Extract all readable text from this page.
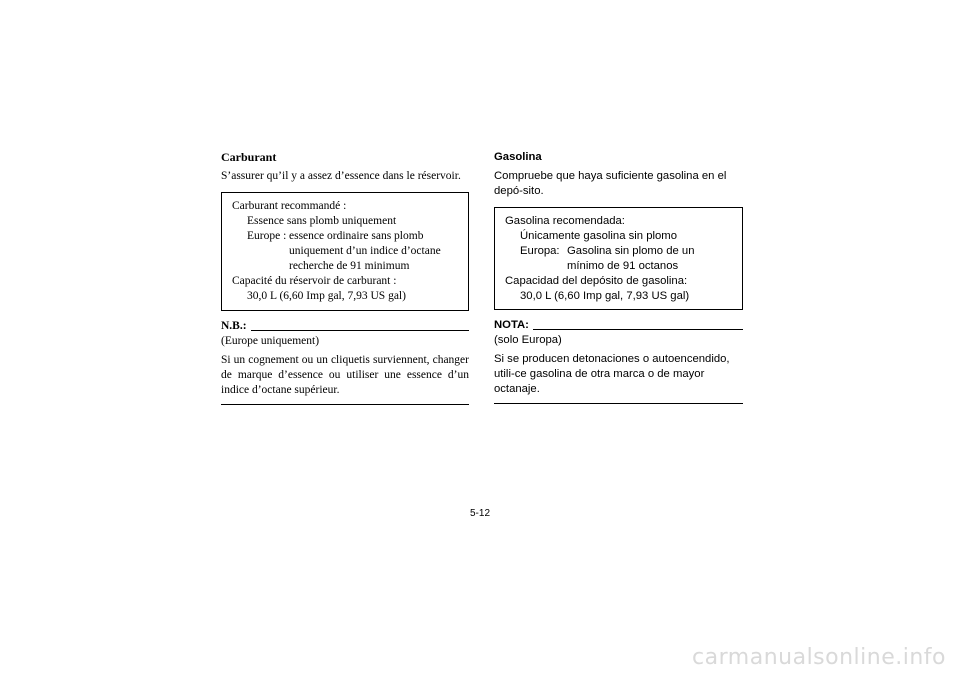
Carburant
S’assurer qu’il y a assez d’essence dans le réservoir.
Carburant recommandé :
Essence sans plomb uniquement
Europe : essence ordinaire sans plomb uniquement d’un indice d’octane recherche de 91 minimum
Capacité du réservoir de carburant :
30,0 L (6,60 Imp gal, 7,93 US gal)
N.B.:
(Europe uniquement)
Si un cognement ou un cliquetis surviennent, changer de marque d’essence ou utiliser une essence d’un indice d’octane supérieur.
Gasolina
Compruebe que haya suficiente gasolina en el depó-sito.
Gasolina recomendada:
Únicamente gasolina sin plomo
Europa: Gasolina sin plomo de un mínimo de 91 octanos
Capacidad del depósito de gasolina:
30,0 L (6,60 Imp gal, 7,93 US gal)
NOTA:
(solo Europa)
Si se producen detonaciones o autoencendido, utili-ce gasolina de otra marca o de mayor octanaje.
5-12
carmanualsonline.info
